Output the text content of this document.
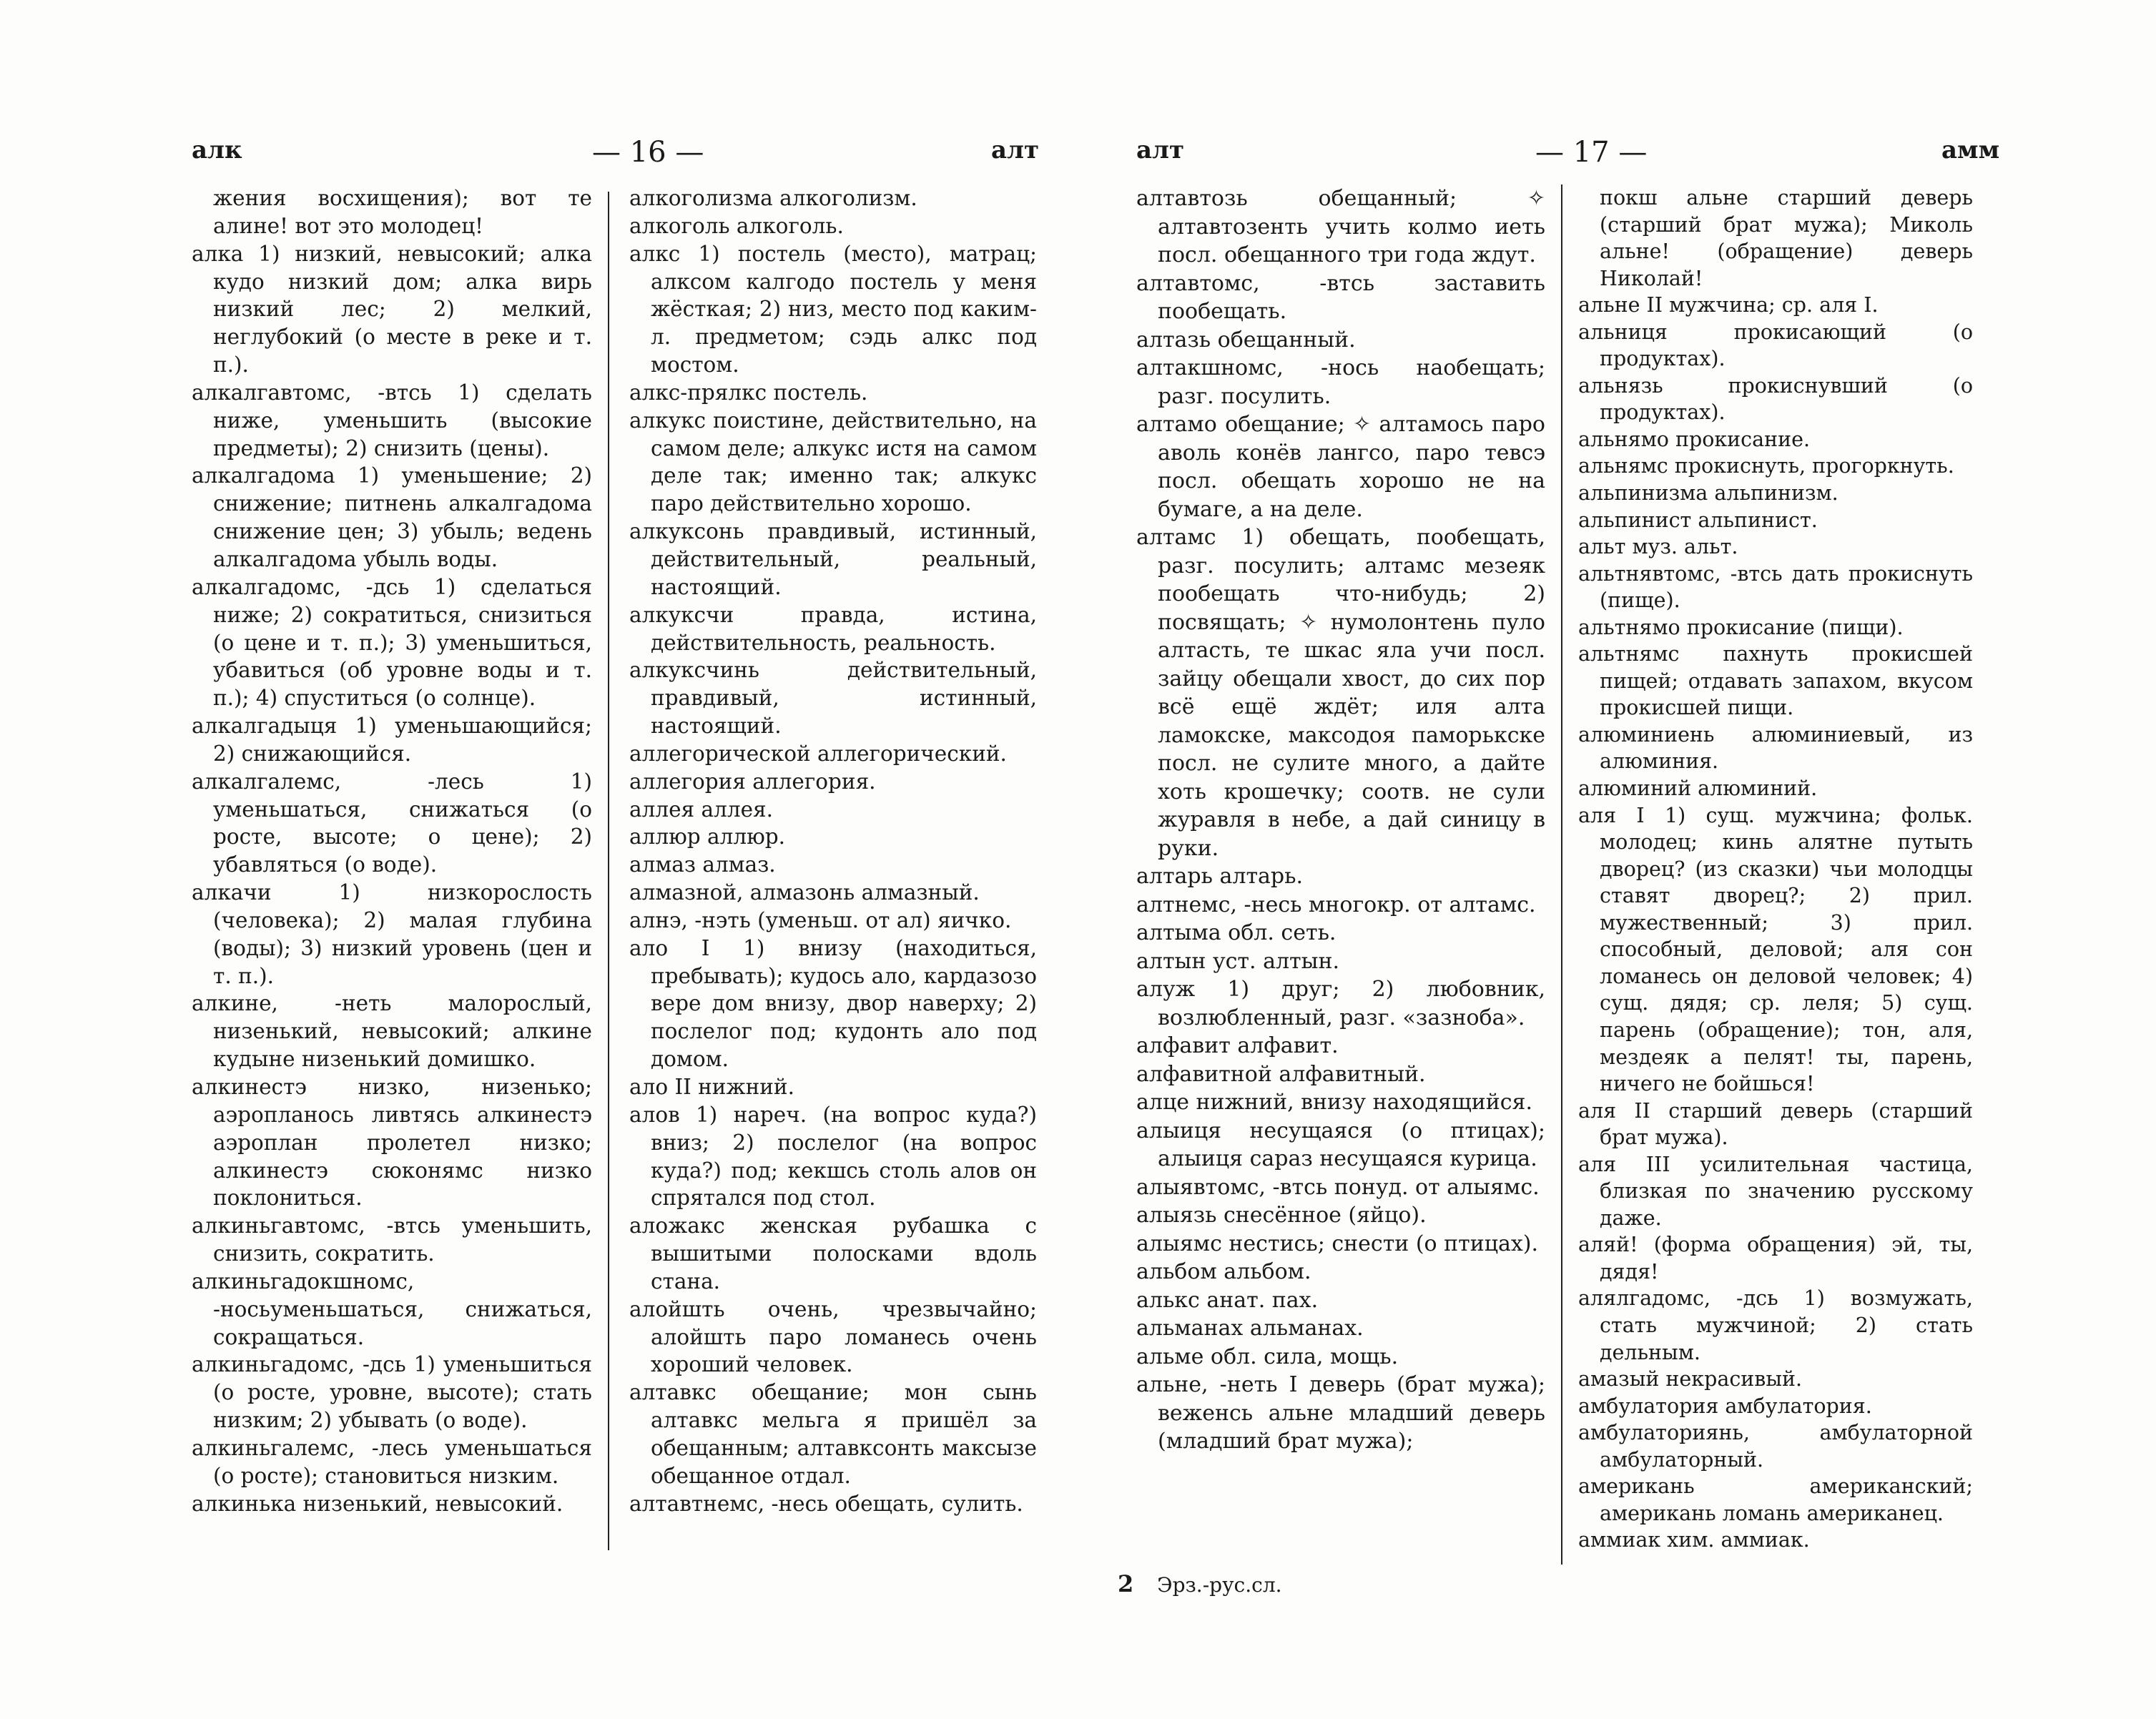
алк	— 16 —	алт

жения восхищения); вот те алине! вот это молодец!

алка 1) низкий, невысокий; алка кудо низкий дом; алка вирь низкий лес; 2) мелкий, неглубокий (о месте в реке и т. п.).

алкалгавтомс, -втсь 1) сделать ниже, уменьшить (высокие предметы); 2) снизить (цены).

алкалгадома 1) уменьшение; 2) снижение; питнень алкалгадома снижение цен; 3) убыль; ведень алкалгадома убыль воды.

алкалгадомс, -дсь 1) сделаться ниже; 2) сократиться, снизиться (о цене и т. п.); 3) уменьшиться, убавиться (об уровне воды и т. п.); 4) спуститься (о солнце).

алкалгадыця 1) уменьшающийся; 2) снижающийся.

алкалгалемс, -лесь 1) уменьшаться, снижаться (о росте, высоте; о цене); 2) убавляться (о воде).

алкачи 1) низкорослость (человека); 2) малая глубина (воды); 3) низкий уровень (цен и т. п.).

алкине, -неть малорослый, низенький, невысокий; алкине кудыне низенький домишко.

алкинестэ низко, низенько; аэропланось ливтясь алкинестэ аэроплан пролетел низко; алкинестэ сюконямс низко поклониться.

алкиньгавтомс, -втсь уменьшить, снизить, сократить.

алкиньгадокшномс, -носьуменьшаться, снижаться, сокращаться.

алкиньгадомс, -дсь 1) уменьшиться (о росте, уровне, высоте); стать низким; 2) убывать (о воде).

алкиньгалемс, -лесь уменьшаться (о росте); становиться низким.

алкинька низенький, невысокий.

алкоголизма алкоголизм.

алкоголь алкоголь.

алкс 1) постель (место), матрац; алксом калгодо постель у меня жёсткая; 2) низ, место под каким-л. предметом; сэдь алкс под мостом.

алкс-прялкс постель.

алкукс поистине, действительно, на самом деле; алкукс истя на самом деле так; именно так; алкукс паро действительно хорошо.

алкуксонь правдивый, истинный, действительный, реальный, настоящий.

алкуксчи правда, истина, действительность, реальность.

алкуксчинь действительный, правдивый, истинный, настоящий.

аллегорической аллегорический.

аллегория аллегория.

аллея аллея.

аллюр аллюр.

алмаз алмаз.

алмазной, алмазонь алмазный.

алнэ, -нэть (уменьш. от ал) яичко.

ало I 1) внизу (находиться, пребывать); кудось ало, кардазозо вере дом внизу, двор наверху; 2) послелог под; кудонть ало под домом.

ало II нижний.

алов 1) нареч. (на вопрос куда?) вниз; 2) послелог (на вопрос куда?) под; кекшсь столь алов он спрятался под стол.

аложакс женская рубашка с вышитыми полосками вдоль стана.

алойшть очень, чрезвычайно; алойшть паро ломанесь очень хороший человек.

алтавкс обещание; мон сынь алтавкс мельга я пришёл за обещанным; алтавксонть максызе обещанное отдал.

алтавтнемс, -несь обещать, сулить.

алт	— 17 —	амм

алтавтозь обещанный; ✧ алтавтозенть учить колмо иеть посл. обещанного три года ждут.

алтавтомс, -втсь заставить пообещать.

алтазь обещанный.

алтакшномс, -нось наобещать; разг. посулить.

алтамо обещание; ✧ алтамось паро аволь конёв лангсо, паро тевсэ посл. обещать хорошо не на бумаге, а на деле.

алтамс 1) обещать, пообещать, разг. посулить; алтамс мезеяк пообещать что-нибудь; 2) посвящать; ✧ нумолонтень пуло алтасть, те шкас яла учи посл. зайцу обещали хвост, до сих пор всё ещё ждёт; иля алта ламокске, максодоя паморькске посл. не сулите много, а дайте хоть крошечку; соотв. не сули журавля в небе, а дай синицу в руки.

алтарь алтарь.

алтнемс, -несь многокр. от алтамс.

алтыма обл. сеть.

алтын уст. алтын.

алуж 1) друг; 2) любовник, возлюбленный, разг. «зазноба».

алфавит алфавит.

алфавитной алфавитный.

алце нижний, внизу находящийся.

алыиця несущаяся (о птицах); алыиця сараз несущаяся курица.

алыявтомс, -втсь понуд. от алыямс.

алыязь снесённое (яйцо).

алыямс нестись; снести (о птицах).

альбом альбом.

алькс анат. пах.

альманах альманах.

альме обл. сила, мощь.

альне, -неть I деверь (брат мужа); веженсь альне младший деверь (младший брат мужа);

покш альне старший деверь (старший брат мужа); Миколь альне! (обращение) деверь Николай!

альне II мужчина; ср. аля I.

альниця прокисающий (о продуктах).

альнязь прокиснувший (о продуктах).

альнямо прокисание.

альнямс прокиснуть, прогоркнуть.

альпинизма альпинизм.

альпинист альпинист.

альт муз. альт.

альтнявтомс, -втсь дать прокиснуть (пище).

альтнямо прокисание (пищи).

альтнямс пахнуть прокисшей пищей; отдавать запахом, вкусом прокисшей пищи.

алюминиень алюминиевый, из алюминия.

алюминий алюминий.

аля I 1) сущ. мужчина; фольк. молодец; кинь алятне путыть дворец? (из сказки) чьи молодцы ставят дворец?; 2) прил. мужественный; 3) прил. способный, деловой; аля сон ломанесь он деловой человек; 4) сущ. дядя; ср. леля; 5) сущ. парень (обращение); тон, аля, мездеяк а пелят! ты, парень, ничего не бойшься!

аля II старший деверь (старший брат мужа).

аля III усилительная частица, близкая по значению русскому даже.

аляй! (форма обращения) эй, ты, дядя!

алялгадомс, -дсь 1) возмужать, стать мужчиной; 2) стать дельным.

амазый некрасивый.

амбулатория амбулатория.

амбулаториянь, амбулаторной амбулаторный.

американь американский; американь ломань американец.

аммиак хим. аммиак.

2 Эрз.-рус.сл.
